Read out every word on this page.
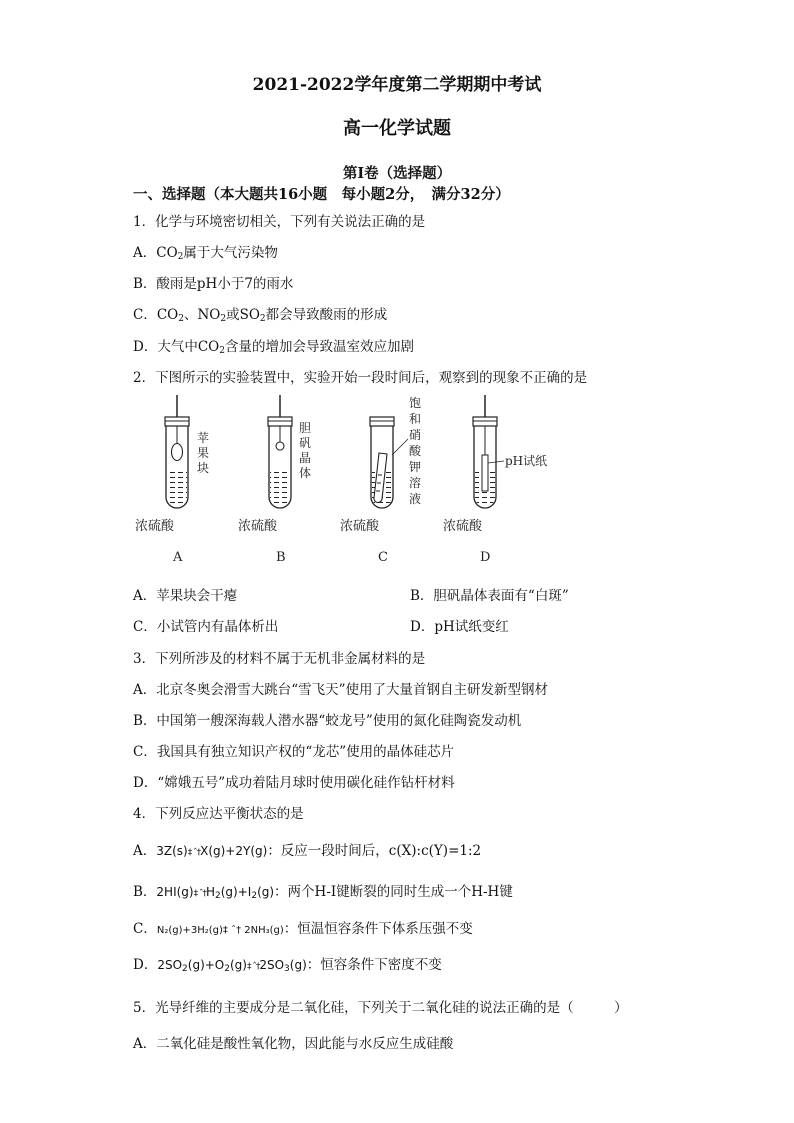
2021-2022学年度第二学期期中考试
高一化学试题
第I卷（选择题）
一、选择题（本大题共16小题　每小题2分，　满分32分）
1．化学与环境密切相关，下列有关说法正确的是
A．$CO_2$属于大气污染物
B．酸雨是pH小于7的雨水
C．$CO_2$、$NO_2$或$SO_2$都会导致酸雨的形成
D．大气中$CO_2$含量的增加会导致温室效应加剧
2．下图所示的实验装置中，实验开始一段时间后，观察到的现象不正确的是
苹
果
块
胆
矾
晶
体
饱
和
硝
酸
钾
溶
液
pH试纸
浓硫酸	浓硫酸	浓硫酸	浓硫酸
A	B	C	D
A．苹果块会干瘪	B．胆矾晶体表面有“白斑”
C．小试管内有晶体析出	D．pH试纸变红
3．下列所涉及的材料不属于无机非金属材料的是
A．北京冬奥会滑雪大跳台“雪飞天”使用了大量首钢自主研发新型钢材
B．中国第一艘深海载人潜水器“蛟龙号”使用的氮化硅陶瓷发动机
C．我国具有独立知识产权的“龙芯”使用的晶体硅芯片
D．“嫦娥五号”成功着陆月球时使用碳化硅作钻杆材料
4．下列反应达平衡状态的是
A．3Z(s)‡ ˆ†X(g)+2Y(g)：反应一段时间后，c(X):c(Y)=1:2
B．2HI(g)‡ $ˆ\dagger H_2(g)+I_2(g)$：两个H-I键断裂的同时生成一个H-H键
C．N₂(g)+3H₂(g)‡ ˆ† 2NH₃(g)：恒温恒容条件下体系压强不变
D．$2SO_2(g)+O_2(g)\ddagger$ $ˆ\dagger 2SO_3(g)$：恒容条件下密度不变
5．光导纤维的主要成分是二氧化硅，下列关于二氧化硅的说法正确的是（　　　）
A．二氧化硅是酸性氧化物，因此能与水反应生成硅酸
